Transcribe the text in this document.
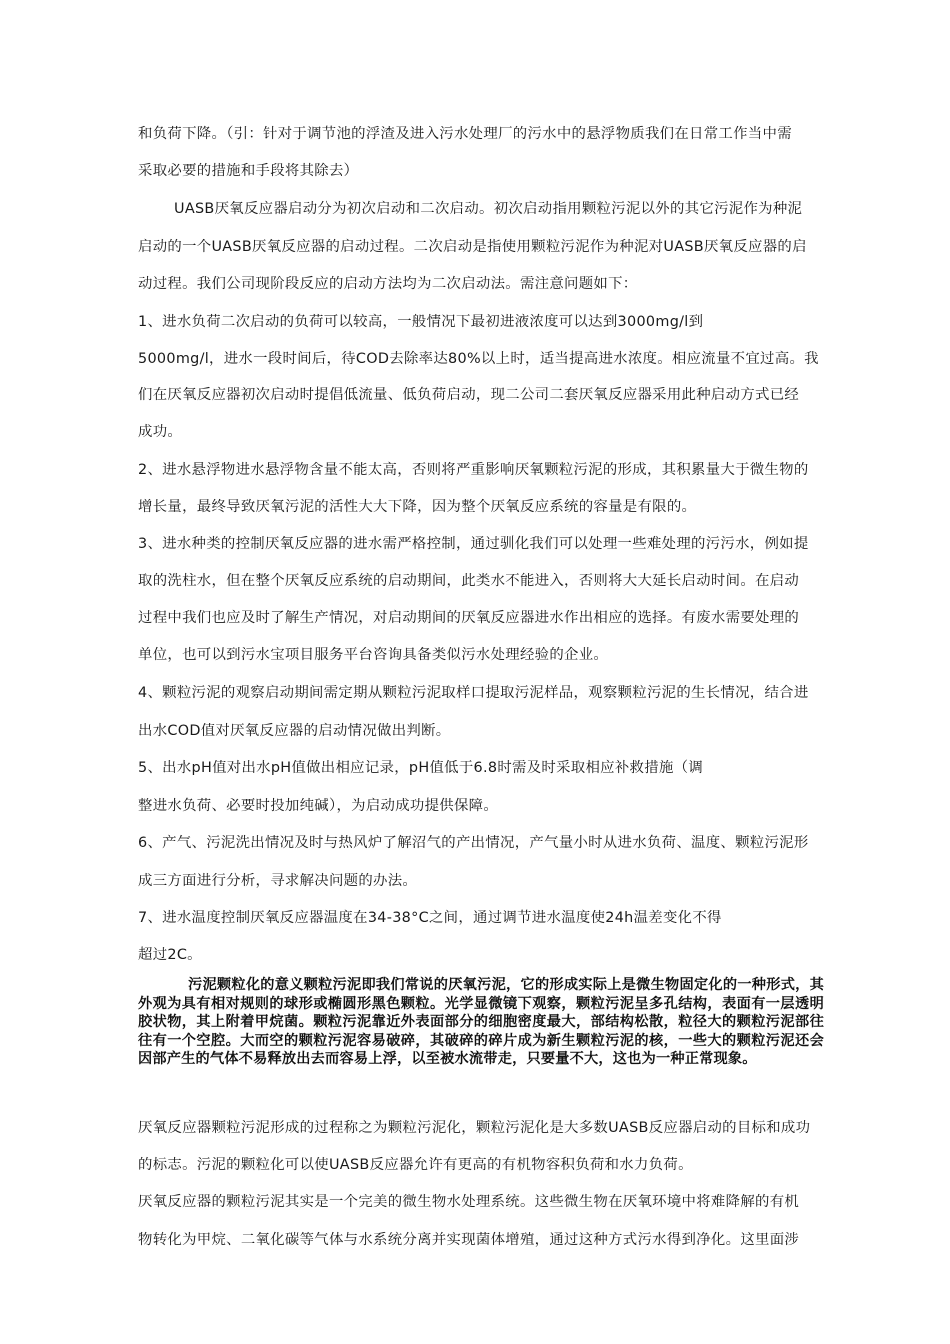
和负荷下降。（引：针对于调节池的浮渣及进入污水处理厂的污水中的悬浮物质我们在日常工作当中需
采取必要的措施和手段将其除去）
UASB厌氧反应器启动分为初次启动和二次启动。初次启动指用颗粒污泥以外的其它污泥作为种泥
启动的一个UASB厌氧反应器的启动过程。二次启动是指使用颗粒污泥作为种泥对UASB厌氧反应器的启
动过程。我们公司现阶段反应的启动方法均为二次启动法。需注意问题如下：
1、进水负荷二次启动的负荷可以较高，一般情况下最初进液浓度可以达到3000mg/l到
5000mg/l，进水一段时间后，待COD去除率达80%以上时，适当提高进水浓度。相应流量不宜过高。我
们在厌氧反应器初次启动时提倡低流量、低负荷启动，现二公司二套厌氧反应器采用此种启动方式已经
成功。
2、进水悬浮物进水悬浮物含量不能太高，否则将严重影响厌氧颗粒污泥的形成，其积累量大于微生物的
增长量，最终导致厌氧污泥的活性大大下降，因为整个厌氧反应系统的容量是有限的。
3、进水种类的控制厌氧反应器的进水需严格控制，通过驯化我们可以处理一些难处理的污污水，例如提
取的洗柱水，但在整个厌氧反应系统的启动期间，此类水不能进入，否则将大大延长启动时间。在启动
过程中我们也应及时了解生产情况，对启动期间的厌氧反应器进水作出相应的选择。有废水需要处理的
单位，也可以到污水宝项目服务平台咨询具备类似污水处理经验的企业。
4、颗粒污泥的观察启动期间需定期从颗粒污泥取样口提取污泥样品，观察颗粒污泥的生长情况，结合进
出水COD值对厌氧反应器的启动情况做出判断。
5、出水pH值对出水pH值做出相应记录，pH值低于6.8时需及时采取相应补救措施（调
整进水负荷、必要时投加纯碱），为启动成功提供保障。
6、产气、污泥洗出情况及时与热风炉了解沼气的产出情况，产气量小时从进水负荷、温度、颗粒污泥形
成三方面进行分析，寻求解决问题的办法。
7、进水温度控制厌氧反应器温度在34-38°C之间，通过调节进水温度使24h温差变化不得
超过2C。

污泥颗粒化的意义颗粒污泥即我们常说的厌氧污泥，它的形成实际上是微生物固定化的一种形式，其外观为具有相对规则的球形或椭圆形黑色颗粒。光学显微镜下观察，颗粒污泥呈多孔结构，表面有一层透明胶状物，其上附着甲烷菌。颗粒污泥靠近外表面部分的细胞密度最大，部结构松散，粒径大的颗粒污泥部往往有一个空腔。大而空的颗粒污泥容易破碎，其破碎的碎片成为新生颗粒污泥的核，一些大的颗粒污泥还会因部产生的气体不易释放出去而容易上浮，以至被水流带走，只要量不大，这也为一种正常现象。

厌氧反应器颗粒污泥形成的过程称之为颗粒污泥化，颗粒污泥化是大多数UASB反应器启动的目标和成功
的标志。污泥的颗粒化可以使UASB反应器允许有更高的有机物容积负荷和水力负荷。
厌氧反应器的颗粒污泥其实是一个完美的微生物水处理系统。这些微生物在厌氧环境中将难降解的有机
物转化为甲烷、二氧化碳等气体与水系统分离并实现菌体增殖，通过这种方式污水得到净化。这里面涉
